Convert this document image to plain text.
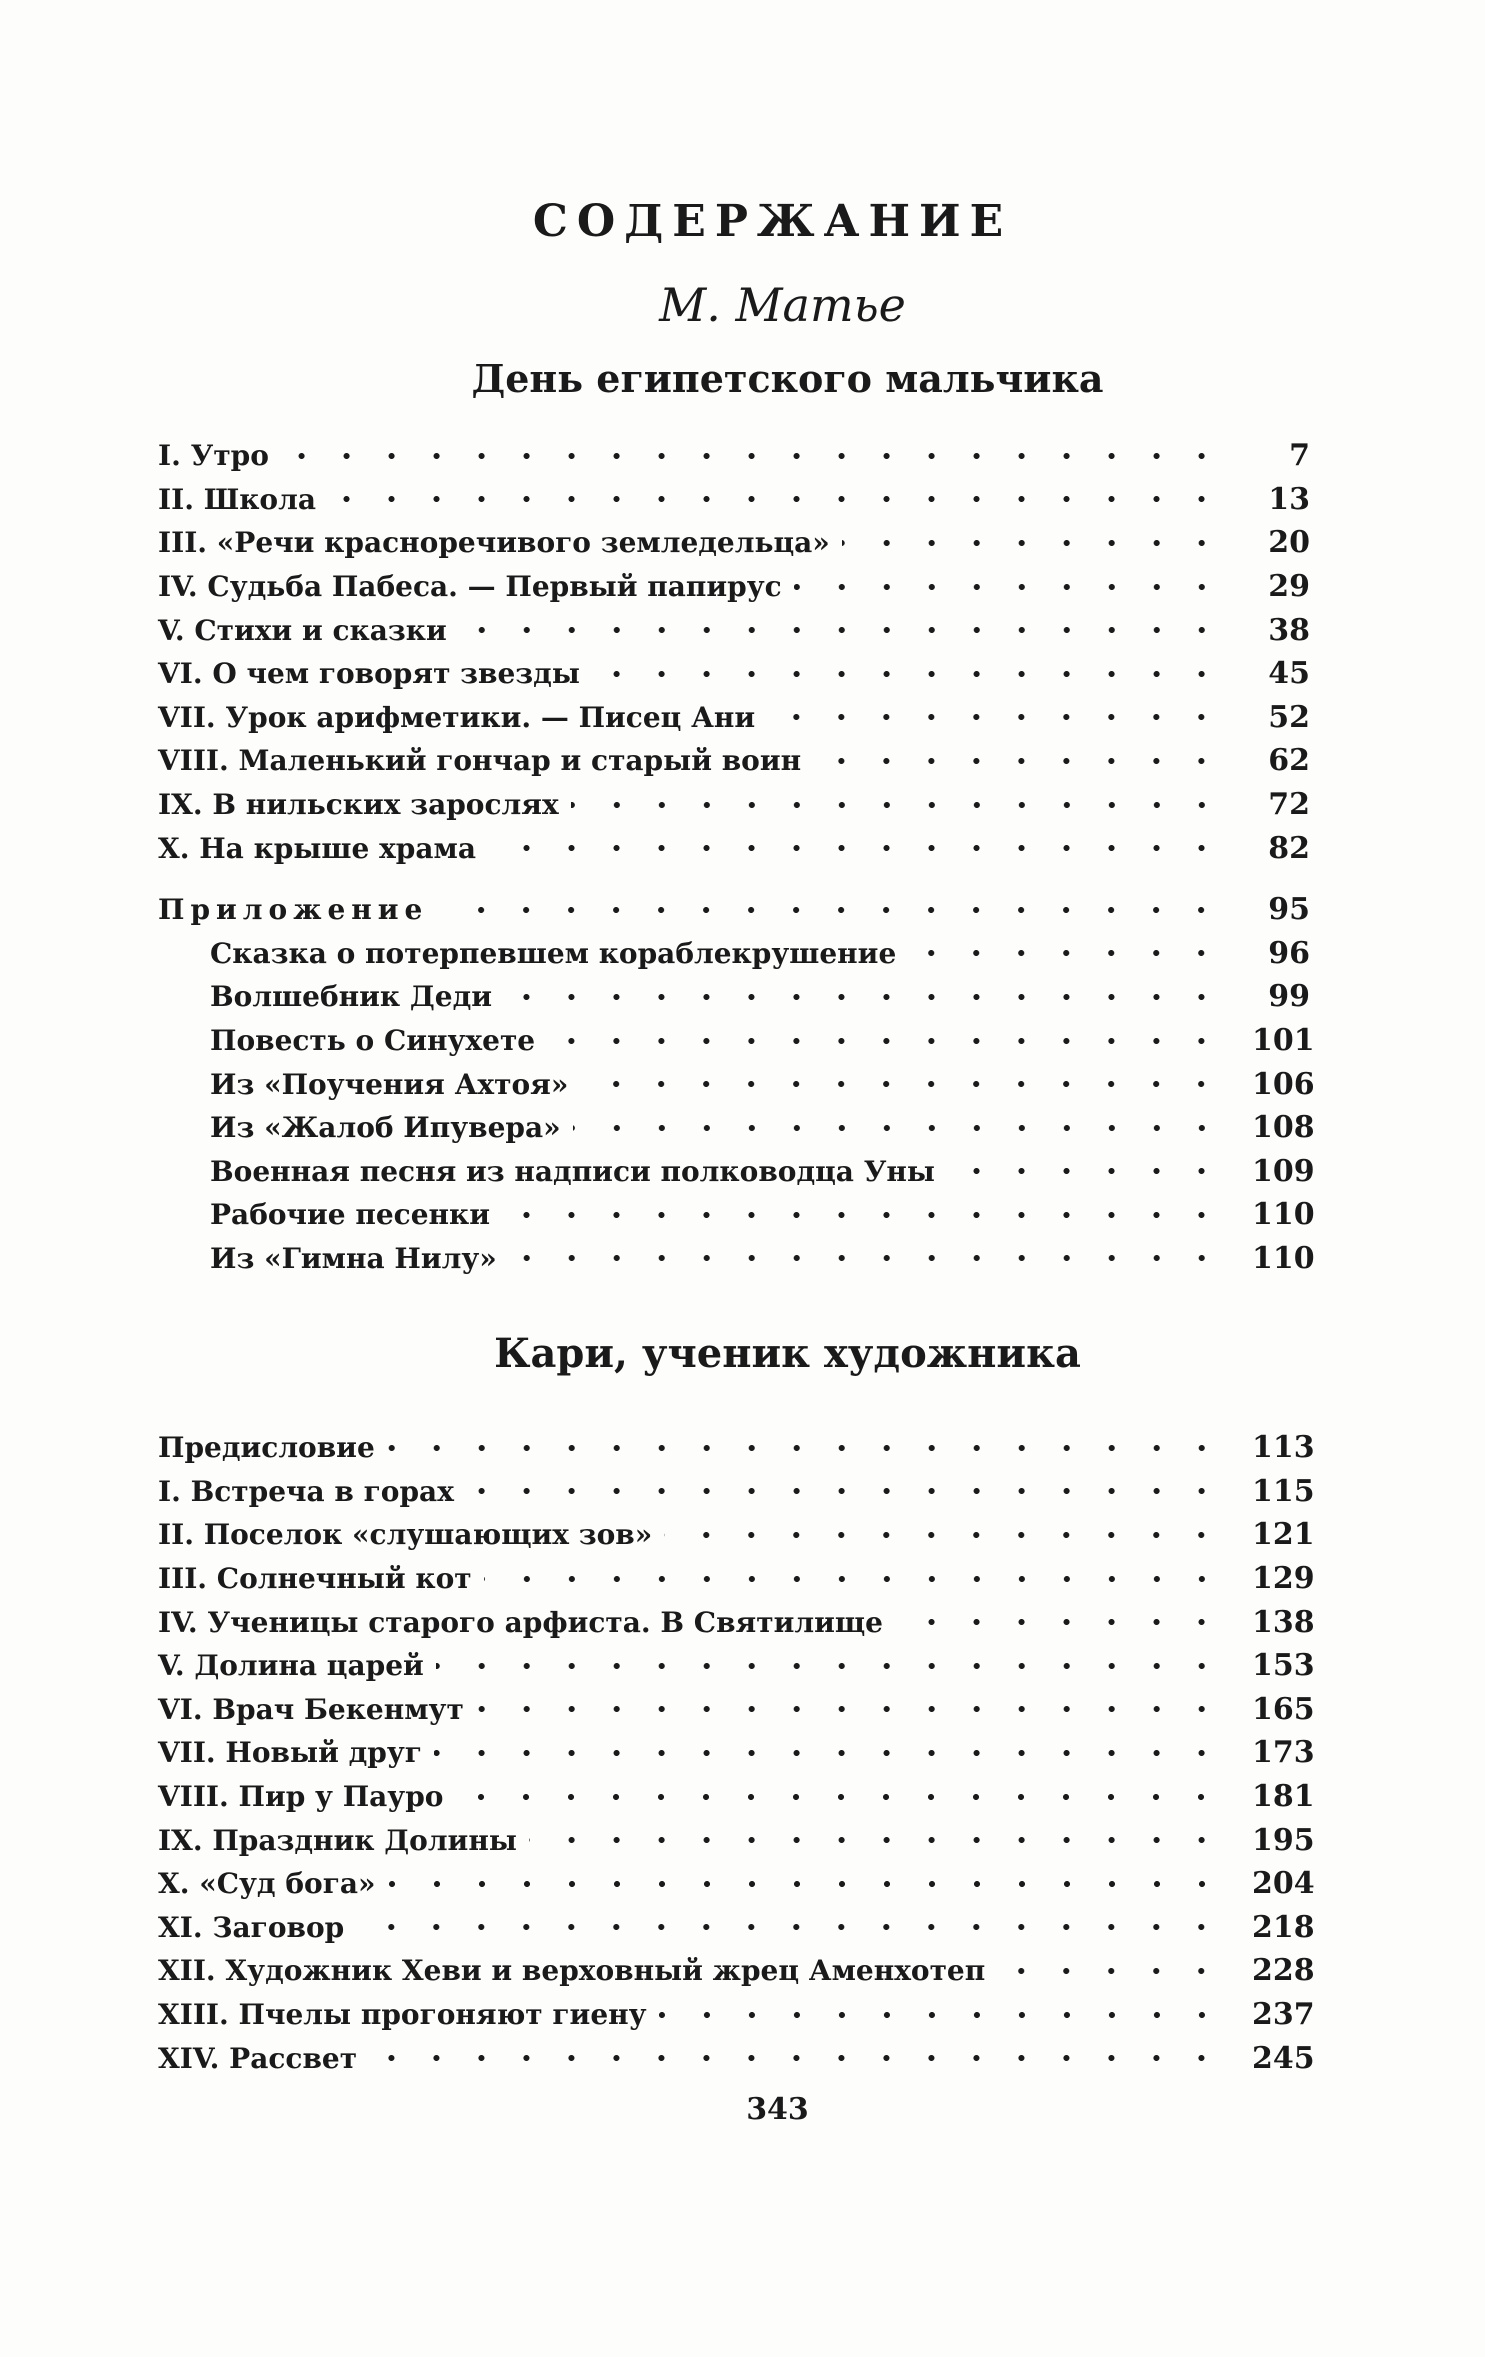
СОДЕРЖАНИЕ
М. Матье
День египетского мальчика
I. Утро	7
II. Школа	13
III. «Речи красноречивого земледельца»	20
IV. Судьба Пабеса. — Первый папирус	29
V. Стихи и сказки	38
VI. О чем говорят звезды	45
VII. Урок арифметики. — Писец Ани	52
VIII. Маленький гончар и старый воин	62
IX. В нильских зарослях	72
X. На крыше храма	82
Приложение	95
Сказка о потерпевшем кораблекрушение	96
Волшебник Деди	99
Повесть о Синухете	101
Из «Поучения Ахтоя»	106
Из «Жалоб Ипувера»	108
Военная песня из надписи полководца Уны	109
Рабочие песенки	110
Из «Гимна Нилу»	110
Кари, ученик художника
Предисловие	113
I. Встреча в горах	115
II. Поселок «слушающих зов»	121
III. Солнечный кот	129
IV. Ученицы старого арфиста. В Святилище	138
V. Долина царей	153
VI. Врач Бекенмут	165
VII. Новый друг	173
VIII. Пир у Пауро	181
IX. Праздник Долины	195
X. «Суд бога»	204
XI. Заговор	218
XII. Художник Хеви и верховный жрец Аменхотеп	228
XIII. Пчелы прогоняют гиену	237
XIV. Рассвет	245
343
